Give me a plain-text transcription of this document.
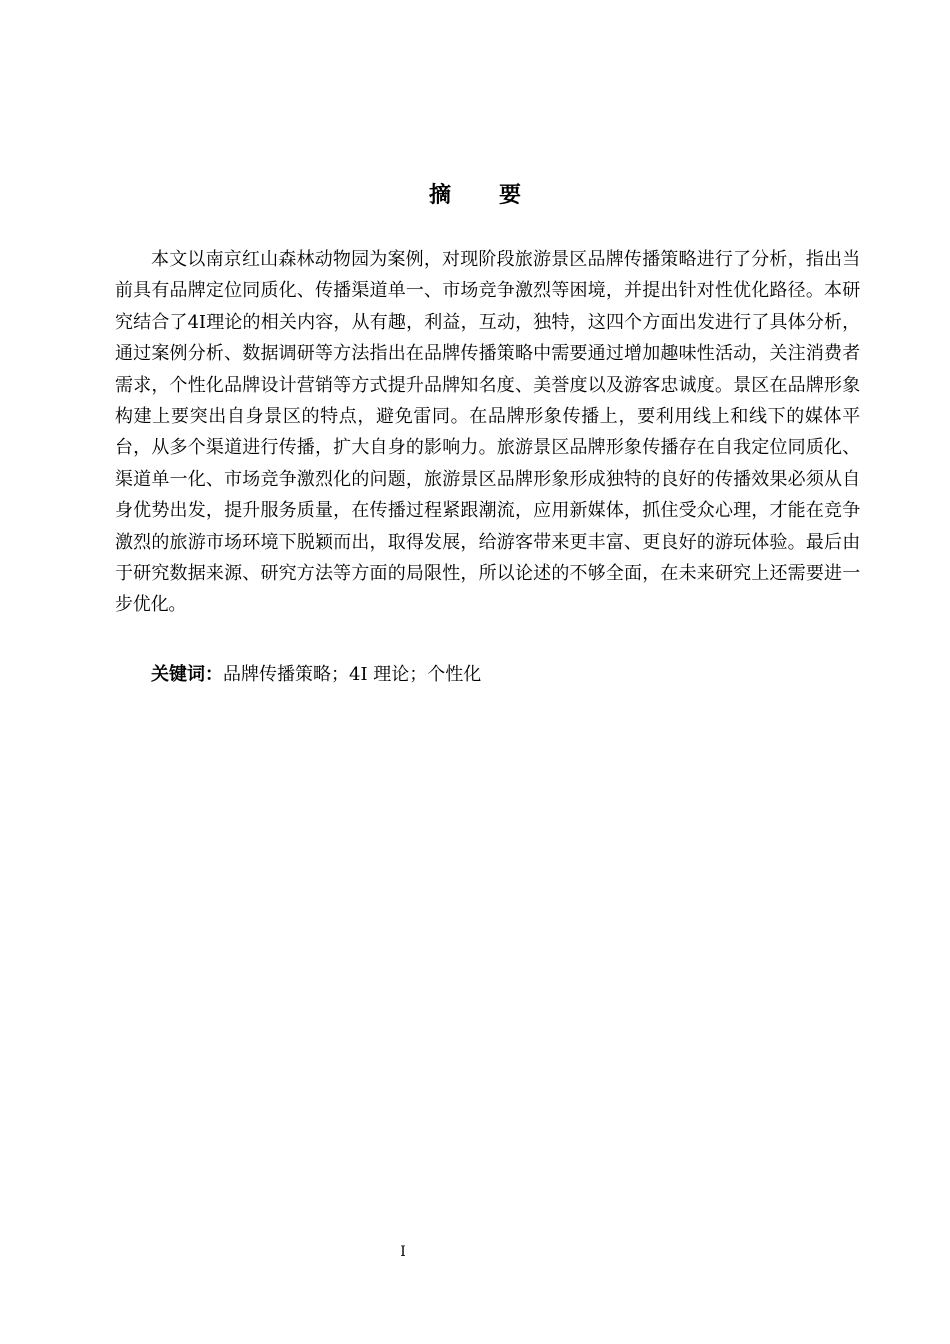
摘 要

本文以南京红山森林动物园为案例，对现阶段旅游景区品牌传播策略进行了分析，指出当前具有品牌定位同质化、传播渠道单一、市场竞争激烈等困境，并提出针对性优化路径。本研究结合了4I理论的相关内容，从有趣，利益，互动，独特，这四个方面出发进行了具体分析，通过案例分析、数据调研等方法指出在品牌传播策略中需要通过增加趣味性活动，关注消费者需求，个性化品牌设计营销等方式提升品牌知名度、美誉度以及游客忠诚度。景区在品牌形象构建上要突出自身景区的特点，避免雷同。在品牌形象传播上，要利用线上和线下的媒体平台，从多个渠道进行传播，扩大自身的影响力。旅游景区品牌形象传播存在自我定位同质化、渠道单一化、市场竞争激烈化的问题，旅游景区品牌形象形成独特的良好的传播效果必须从自身优势出发，提升服务质量，在传播过程紧跟潮流，应用新媒体，抓住受众心理，才能在竞争激烈的旅游市场环境下脱颖而出，取得发展，给游客带来更丰富、更良好的游玩体验。最后由于研究数据来源、研究方法等方面的局限性，所以论述的不够全面，在未来研究上还需要进一步优化。

关键词：品牌传播策略；4I 理论；个性化
I
